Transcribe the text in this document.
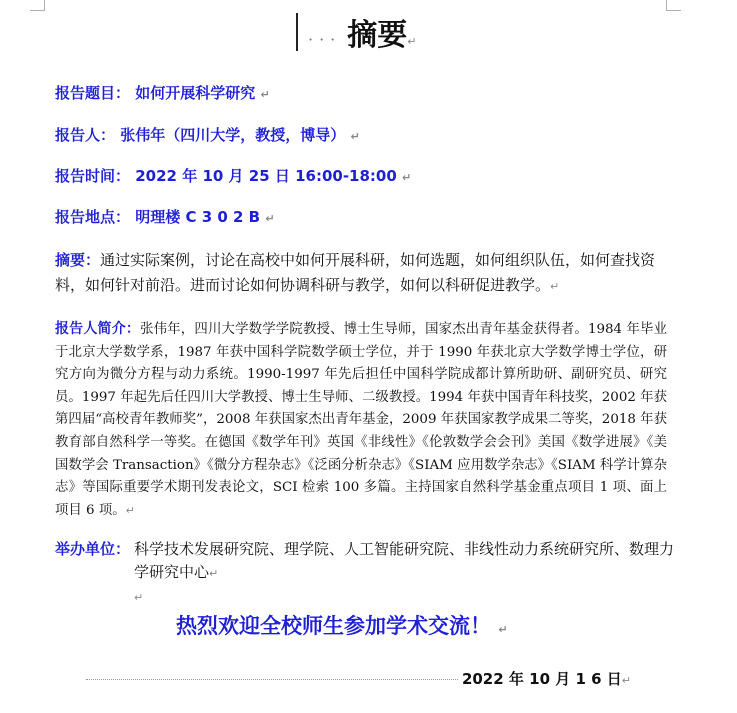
··· 摘要 ↵
报告题目： 如何开展科学研究 ↵
报告人： 张伟年（四川大学，教授，博导） ↵
报告时间： 2022 年 10 月 25 日 16:00-18:00 ↵
报告地点： 明理楼 C 3 0 2 B ↵
摘要：通过实际案例，讨论在高校中如何开展科研，如何选题，如何组织队伍，如何查找资料，如何针对前沿。进而讨论如何协调科研与教学，如何以科研促进教学。↵
报告人简介：张伟年，四川大学数学学院教授、博士生导师，国家杰出青年基金获得者。1984 年毕业于北京大学数学系，1987 年获中国科学院数学硕士学位，并于 1990 年获北京大学数学博士学位，研究方向为微分方程与动力系统。1990-1997 年先后担任中国科学院成都计算所助研、副研究员、研究员。1997 年起先后任四川大学教授、博士生导师、二级教授。1994 年获中国青年科技奖，2002 年获第四届“高校青年教师奖”，2008 年获国家杰出青年基金，2009 年获国家教学成果二等奖，2018 年获教育部自然科学一等奖。在德国《数学年刊》英国《非线性》《伦敦数学会会刊》美国《数学进展》《美国数学会 Transaction》《微分方程杂志》《泛函分析杂志》《SIAM 应用数学杂志》《SIAM 科学计算杂志》等国际重要学术期刊发表论文，SCI 检索 100 多篇。主持国家自然科学基金重点项目 1 项、面上项目 6 项。↵
举办单位： 科学技术发展研究院、理学院、人工智能研究院、非线性动力系统研究所、数理力学研究中心↵
↵
热烈欢迎全校师生参加学术交流！ ↵
2022 年 10 月 1 6 日 ↵
